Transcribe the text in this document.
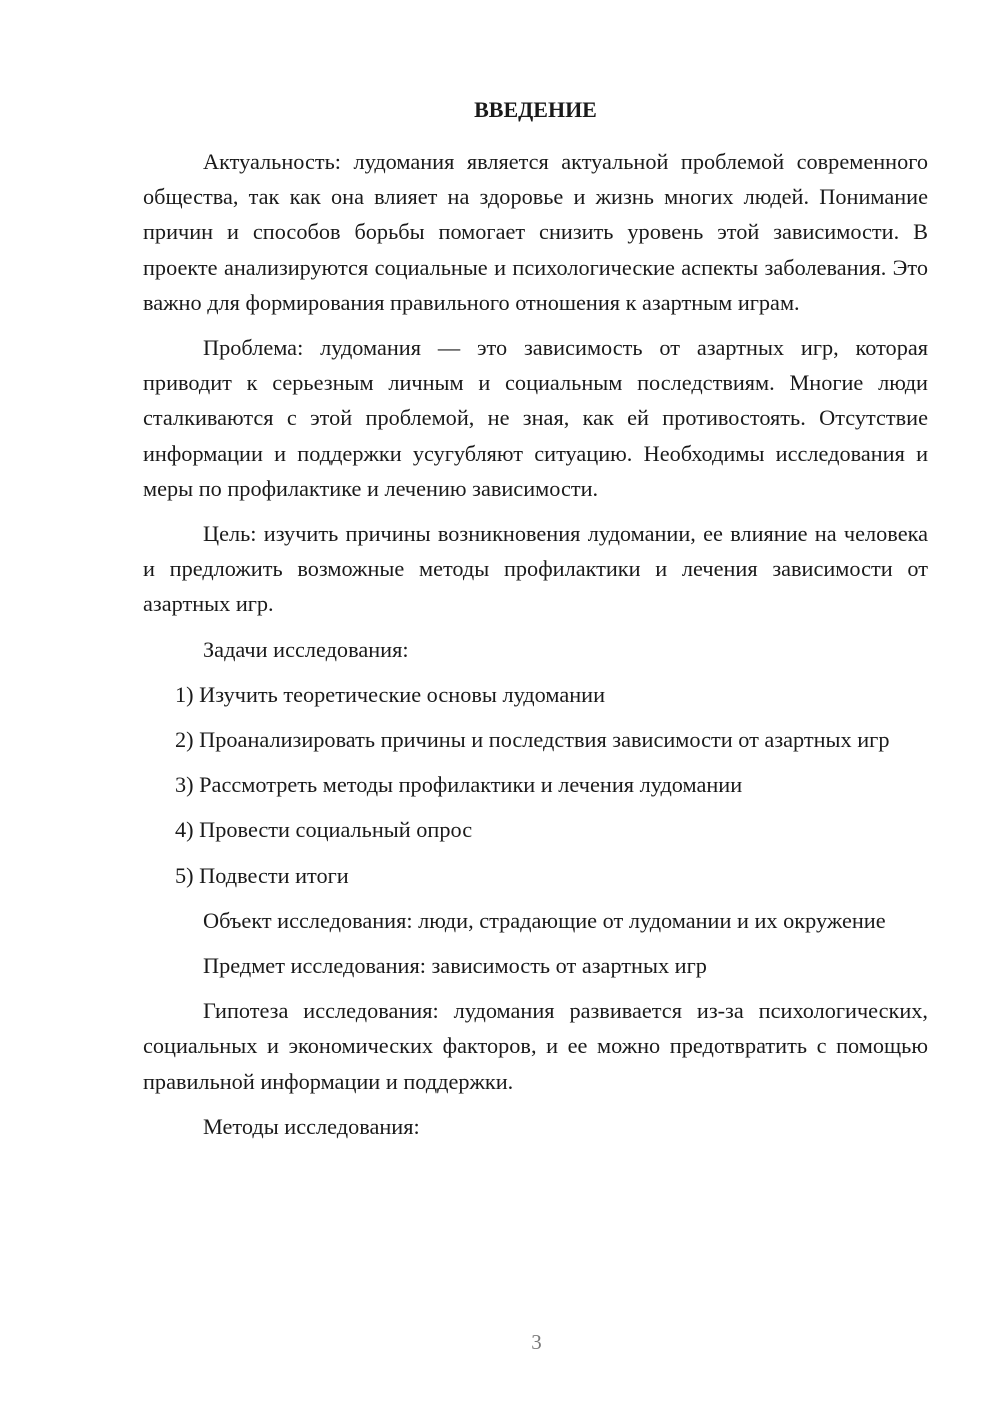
ВВЕДЕНИЕ

Актуальность: лудомания является актуальной проблемой современного общества, так как она влияет на здоровье и жизнь многих людей. Понимание причин и способов борьбы помогает снизить уровень этой зависимости. В проекте анализируются социальные и психологические аспекты заболевания. Это важно для формирования правильного отношения к азартным играм.

Проблема: лудомания — это зависимость от азартных игр, которая приводит к серьезным личным и социальным последствиям. Многие люди сталкиваются с этой проблемой, не зная, как ей противостоять. Отсутствие информации и поддержки усугубляют ситуацию. Необходимы исследования и меры по профилактике и лечению зависимости.

Цель: изучить причины возникновения лудомании, ее влияние на человека и предложить возможные методы профилактики и лечения зависимости от азартных игр.

Задачи исследования:

1) Изучить теоретические основы лудомании

2) Проанализировать причины и последствия зависимости от азартных игр

3) Рассмотреть методы профилактики и лечения лудомании

4) Провести социальный опрос

5) Подвести итоги

Объект исследования: люди, страдающие от лудомании и их окружение

Предмет исследования: зависимость от азартных игр

Гипотеза исследования: лудомания развивается из-за психологических, социальных и экономических факторов, и ее можно предотвратить с помощью правильной информации и поддержки.

Методы исследования:

3
